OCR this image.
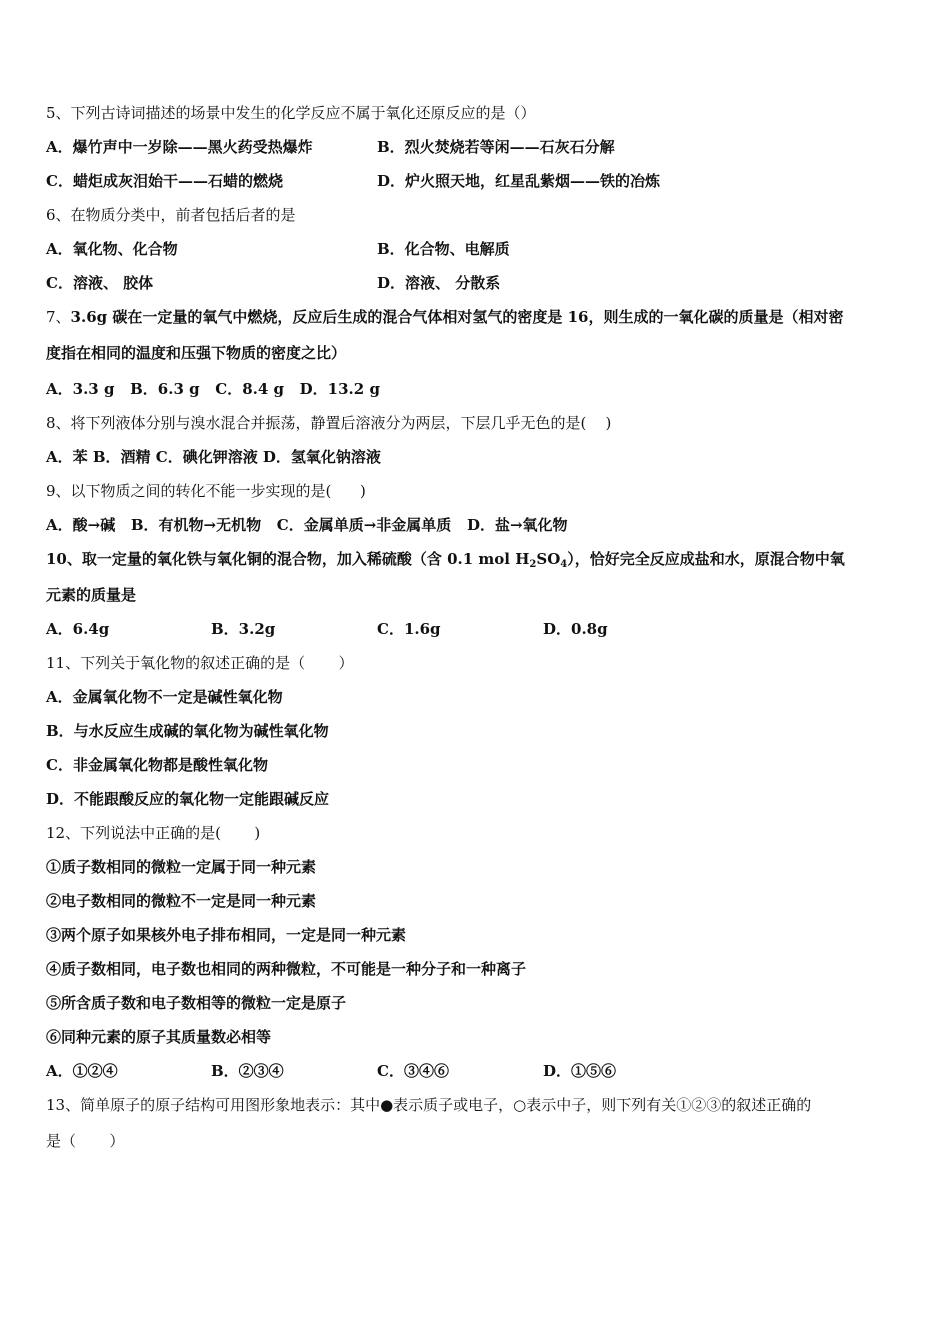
5、下列古诗词描述的场景中发生的化学反应不属于氧化还原反应的是（）
A．爆竹声中一岁除——黑火药受热爆炸	B．烈火焚烧若等闲——石灰石分解
C．蜡炬成灰泪始干——石蜡的燃烧	D．炉火照天地，红星乱紫烟——铁的冶炼
6、在物质分类中，前者包括后者的是
A．氧化物、化合物	B．化合物、电解质
C．溶液、 胶体	D．溶液、 分散系
7、3.6g 碳在一定量的氧气中燃烧，反应后生成的混合气体相对氢气的密度是 16，则生成的一氧化碳的质量是（相对密
度指在相同的温度和压强下物质的密度之比）
A．3.3 g   B．6.3 g   C．8.4 g   D．13.2 g
8、将下列液体分别与溴水混合并振荡，静置后溶液分为两层，下层几乎无色的是(    )
A．苯 B．酒精 C．碘化钾溶液 D．氢氧化钠溶液
9、以下物质之间的转化不能一步实现的是(      )
A．酸→碱   B．有机物→无机物   C．金属单质→非金属单质   D．盐→氧化物
10、取一定量的氧化铁与氧化铜的混合物，加入稀硫酸（含 0.1 mol $H_2SO_4$），恰好完全反应成盐和水，原混合物中氧
元素的质量是
A．6.4g	B．3.2g	C．1.6g	D．0.8g
11、下列关于氧化物的叙述正确的是（       ）
A．金属氧化物不一定是碱性氧化物
B．与水反应生成碱的氧化物为碱性氧化物
C．非金属氧化物都是酸性氧化物
D．不能跟酸反应的氧化物一定能跟碱反应
12、下列说法中正确的是(       )
①质子数相同的微粒一定属于同一种元素
②电子数相同的微粒不一定是同一种元素
③两个原子如果核外电子排布相同，一定是同一种元素
④质子数相同，电子数也相同的两种微粒，不可能是一种分子和一种离子
⑤所含质子数和电子数相等的微粒一定是原子
⑥同种元素的原子其质量数必相等
A．①②④	B．②③④	C．③④⑥	D．①⑤⑥
13、简单原子的原子结构可用图形象地表示：其中●表示质子或电子，○表示中子，则下列有关①②③的叙述正确的
是（       ）
